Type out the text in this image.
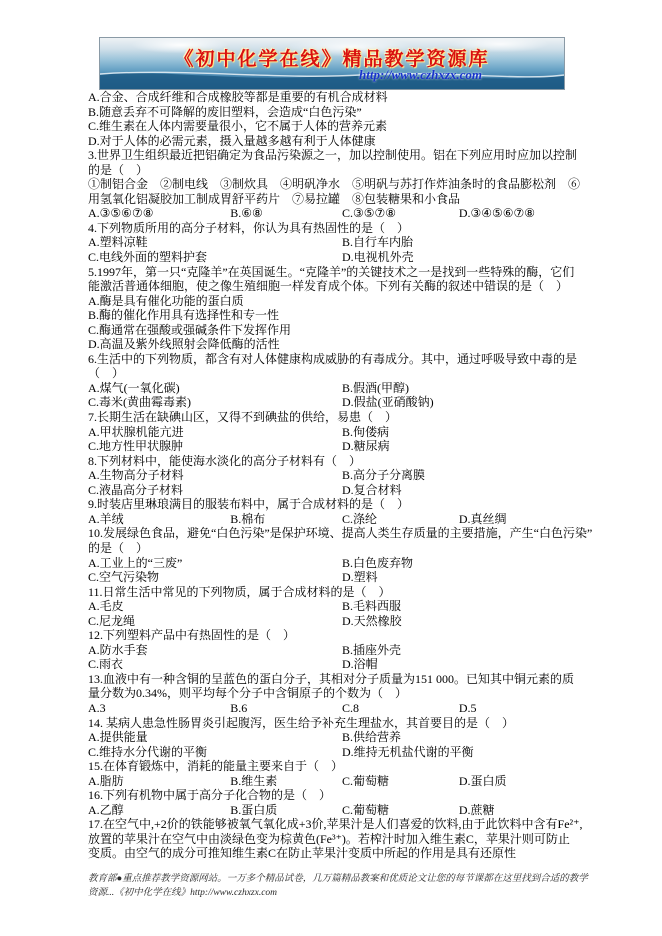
《初中化学在线》精品教学资源库
http://www.czhxzx.com
A.合金、合成纤维和合成橡胶等都是重要的有机合成材料
B.随意丢弃不可降解的废旧塑料，会造成“白色污染”
C.维生素在人体内需要量很小，它不属于人体的营养元素
D.对于人体的必需元素，摄入量越多越有利于人体健康
3.世界卫生组织最近把铝确定为食品污染源之一，加以控制使用。铝在下列应用时应加以控制
的是（　）
①制铝合金　②制电线　③制炊具　④明矾净水　⑤明矾与苏打作炸油条时的食品膨松剂　⑥
用氢氧化铝凝胶加工制成胃舒平药片　⑦易拉罐　⑧包装糖果和小食品
A.③⑤⑥⑦⑧	B.⑥⑧	C.③⑤⑦⑧	D.③④⑤⑥⑦⑧
4.下列物质所用的高分子材料，你认为具有热固性的是（　）
A.塑料凉鞋	B.自行车内胎
C.电线外面的塑料护套	D.电视机外壳
5.1997年，第一只“克隆羊”在英国诞生。“克隆羊”的关键技术之一是找到一些特殊的酶，它们
能激活普通体细胞，使之像生殖细胞一样发育成个体。下列有关酶的叙述中错误的是（　）
A.酶是具有催化功能的蛋白质
B.酶的催化作用具有选择性和专一性
C.酶通常在强酸或强碱条件下发挥作用
D.高温及紫外线照射会降低酶的活性
6.生活中的下列物质，都含有对人体健康构成威胁的有毒成分。其中，通过呼吸导致中毒的是
（　）
A.煤气(一氧化碳)	B.假酒(甲醇)
C.毒米(黄曲霉毒素)	D.假盐(亚硝酸钠)
7.长期生活在缺碘山区，又得不到碘盐的供给，易患（　）
A.甲状腺机能亢进	B.佝偻病
C.地方性甲状腺肿	D.糖尿病
8.下列材料中，能使海水淡化的高分子材料有（　）
A.生物高分子材料	B.高分子分离膜
C.液晶高分子材料	D.复合材料
9.时装店里琳琅满目的服装布料中，属于合成材料的是（　）
A.羊绒	B.棉布	C.涤纶	D.真丝绸
10.发展绿色食品，避免“白色污染”是保护环境、提高人类生存质量的主要措施，产生“白色污染”
的是（　）
A.工业上的“三废”	B.白色废弃物
C.空气污染物	D.塑料
11.日常生活中常见的下列物质，属于合成材料的是（　）
A.毛皮	B.毛料西服
C.尼龙绳	D.天然橡胶
12.下列塑料产品中有热固性的是（　）
A.防水手套	B.插座外壳
C.雨衣	D.浴帽
13.血液中有一种含铜的呈蓝色的蛋白分子，其相对分子质量为151 000。已知其中铜元素的质
量分数为0.34%，则平均每个分子中含铜原子的个数为（　）
A.3	B.6	C.8	D.5
14. 某病人患急性肠胃炎引起腹泻，医生给予补充生理盐水，其首要目的是（　）
A.提供能量	B.供给营养
C.维持水分代谢的平衡	D.维持无机盐代谢的平衡
15.在体育锻炼中，消耗的能量主要来自于（　）
A.脂肪	B.维生素	C.葡萄糖	D.蛋白质
16.下列有机物中属于高分子化合物的是（　）
A.乙醇	B.蛋白质	C.葡萄糖	D.蔗糖
17.在空气中,+2价的铁能够被氧气氧化成+3价,苹果汁是人们喜爱的饮料,由于此饮料中含有Fe²⁺,
放置的苹果汁在空气中由淡绿色变为棕黄色(Fe³⁺)。若榨汁时加入维生素C，苹果汁则可防止
变质。由空气的成分可推知维生素C在防止苹果汁变质中所起的作用是具有还原性
教育部●重点推荐教学资源网站。一万多个精品试卷，几万篇精品教案和优质论文让您的每节课都在这里找到合适的教学
资源...《初中化学在线》http://www.czhxzx.com
